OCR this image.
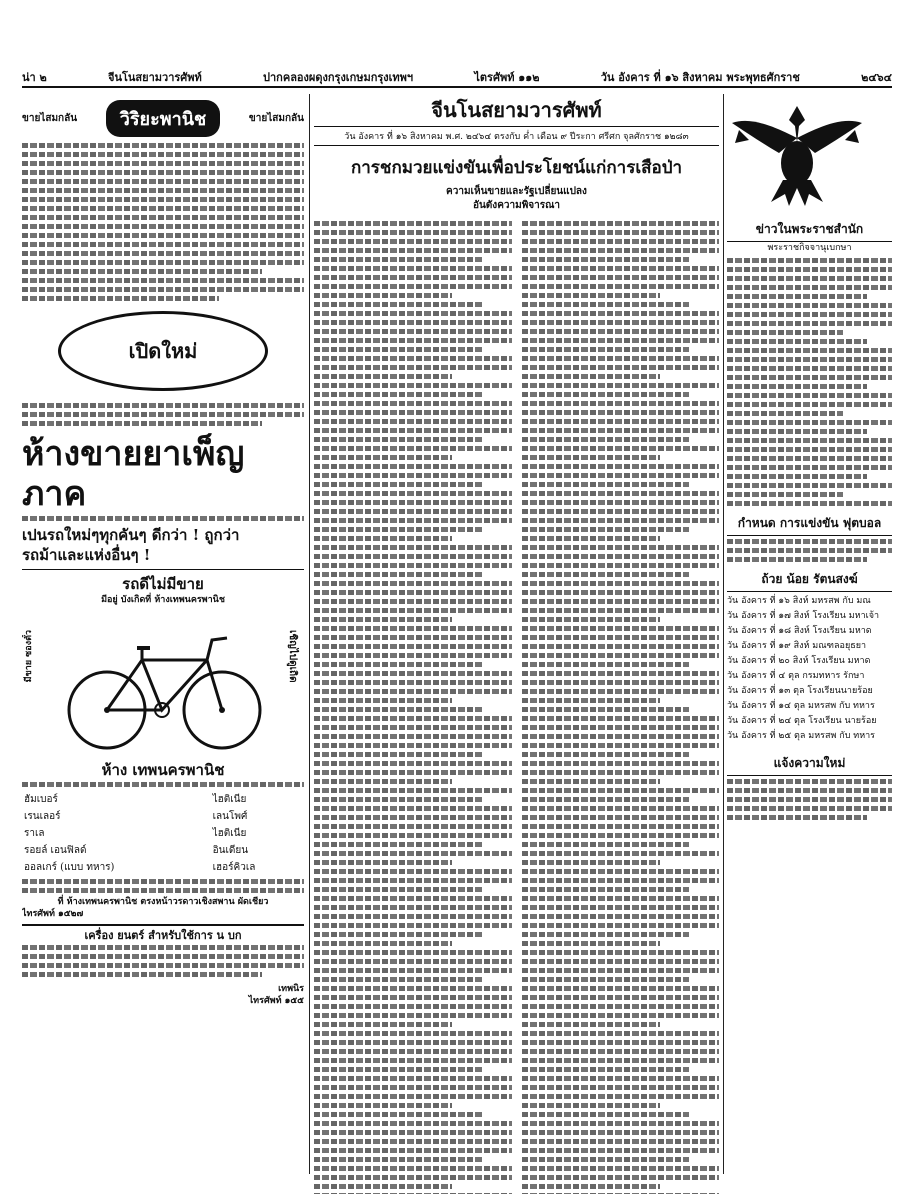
น่า ๒	จีนโนสยามวารศัพท์	ปากคลองผดุงกรุงเกษมกรุงเทพฯ	ไตรศัพท์ ๑๑๒	วัน อังคาร ที่ ๑๖ สิงหาคม พระพุทธศักราช	๒๔๖๔
ขายไสมกลัน	วิริยะพานิช	ขายไสมกลัน
เปิดใหม่
ห้างขายยาเพ็ญภาค
เปนรถใหม่ๆทุกคันๆ ดีกว่า ! ถูกว่า
รถม้าและแห่งอื่นๆ !
รถดีไม่มีขาย
มีอยู่ บังเกิดที่ ห้างเทพนครพานิช
มีขาย ซองตั๋ว	เชิญไปดูเถิด
ห้าง เทพนครพานิช
ฮัมเบอร์	ไฮติเนีย
เรนเลอร์	เลนโพศ์
ราเล	ไฮติเนีย
รอยล์ เอนฟิลด์	อินเดียน
ออลเกร์ (แบบ ทหาร)	เฮอร์คิวเล
ที่ ห้างเทพนครพานิช ตรงหน้าวรดาวเชิงสพาน ผัดเชียว
ไทรศัพท์ ๑๕๒๗
เครื่อง ยนตร์ สำหรับใช้การ น บก
เทพนิร
ไทรศัพท์ ๑๕๕
จีนโนสยามวารศัพท์
วัน อังคาร ที่ ๑๖ สิงหาคม พ.ศ. ๒๔๖๔ ตรงกับ ค่ำ เดือน ๙ ปีระกา ศรีศก จุลศักราช ๑๒๘๓
การชกมวยแข่งขันเพื่อประโยชน์แก่การเสือป่า
ความเห็นขายและรัฐเปลี่ยนแปลง
อันตังความพิจารณา
ข่าวในพระราชสำนัก
พระราชกิจจานุเบกษา
กำหนด การแข่งขัน ฟุตบอล
ถ้วย น้อย รัตนสงฆ์
วัน อังคาร ที่ ๑๖ สิงห์ มหรสพ กับ มณ
วัน อังคาร ที่ ๑๗ สิงห์ โรงเรียน มหาเจ้า
วัน อังคาร ที่ ๑๘ สิงห์ โรงเรียน มหาด
วัน อังคาร ที่ ๑๙ สิงห์ มณฑลอยุธยา
วัน อังคาร ที่ ๒๐ สิงห์ โรงเรียน มหาด
วัน อังคาร ที่ ๔ ตุล กรมทหาร รักษา
วัน อังคาร ที่ ๑๓ ตุล โรงเรียนนายร้อย
วัน อังคาร ที่ ๑๔ ตุล มหรสพ กับ ทหาร
วัน อังคาร ที่ ๒๔ ตุล โรงเรียน นายร้อย
วัน อังคาร ที่ ๒๕ ตุล มหรสพ กับ ทหาร
แจ้งความใหม่
